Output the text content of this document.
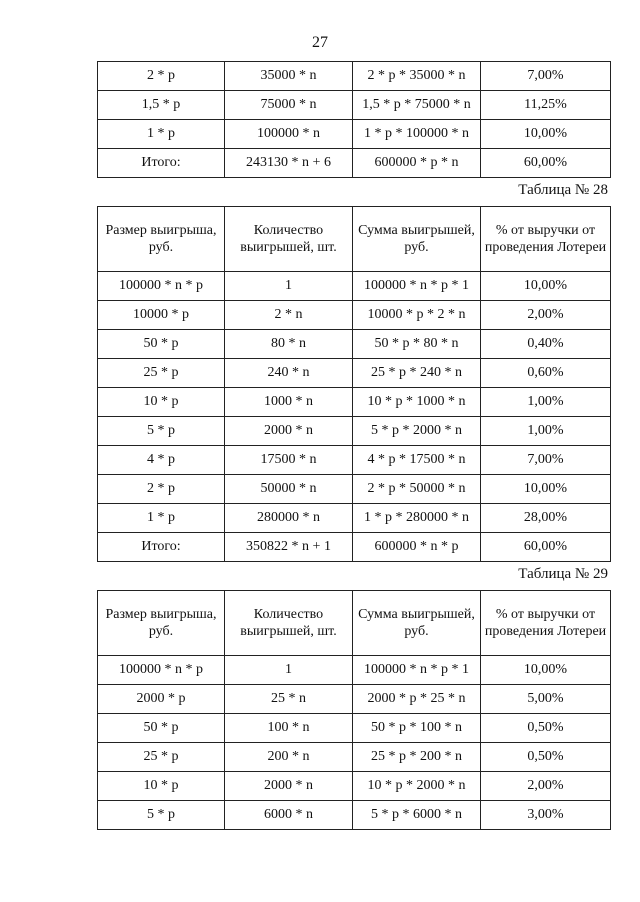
27
2 * p	35000 * n	2 * p * 35000 * n	7,00%
1,5 * p	75000 * n	1,5 * p * 75000 * n	11,25%
1 * p	100000 * n	1 * p * 100000 * n	10,00%
Итого:	243130 * n + 6	600000 * p * n	60,00%
Таблица № 28
Размер выигрыша, руб.	Количество выигрышей, шт.	Сумма выигрышей, руб.	% от выручки от проведения Лотереи
100000 * n * p	1	100000 * n * p * 1	10,00%
10000 * p	2 * n	10000 * p * 2 * n	2,00%
50 * p	80 * n	50 * p * 80 * n	0,40%
25 * p	240 * n	25 * p * 240 * n	0,60%
10 * p	1000 * n	10 * p * 1000 * n	1,00%
5 * p	2000 * n	5 * p * 2000 * n	1,00%
4 * p	17500 * n	4 * p * 17500 * n	7,00%
2 * p	50000 * n	2 * p * 50000 * n	10,00%
1 * p	280000 * n	1 * p * 280000 * n	28,00%
Итого:	350822 * n + 1	600000 * n * p	60,00%
Таблица № 29
Размер выигрыша, руб.	Количество выигрышей, шт.	Сумма выигрышей, руб.	% от выручки от проведения Лотереи
100000 * n * p	1	100000 * n * p * 1	10,00%
2000 * p	25 * n	2000 * p * 25 * n	5,00%
50 * p	100 * n	50 * p * 100 * n	0,50%
25 * p	200 * n	25 * p * 200 * n	0,50%
10 * p	2000 * n	10 * p * 2000 * n	2,00%
5 * p	6000 * n	5 * p * 6000 * n	3,00%
